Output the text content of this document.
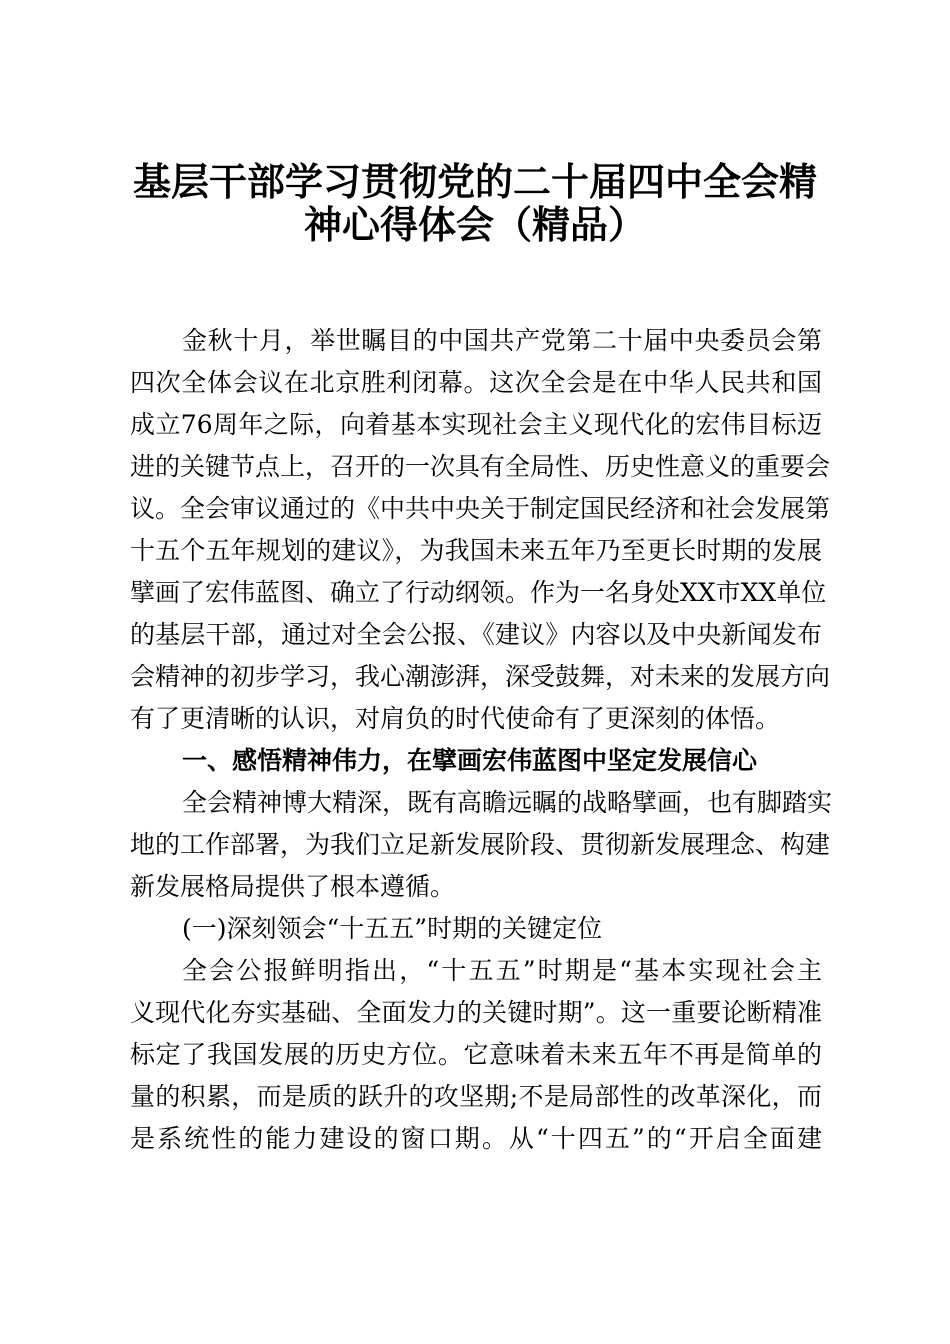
基层干部学习贯彻党的二十届四中全会精
神心得体会（精品）
金秋十月，举世瞩目的中国共产党第二十届中央委员会第
四次全体会议在北京胜利闭幕。这次全会是在中华人民共和国
成立76周年之际，向着基本实现社会主义现代化的宏伟目标迈
进的关键节点上，召开的一次具有全局性、历史性意义的重要会
议。全会审议通过的《中共中央关于制定国民经济和社会发展第
十五个五年规划的建议》，为我国未来五年乃至更长时期的发展
擘画了宏伟蓝图、确立了行动纲领。作为一名身处XX市XX单位
的基层干部，通过对全会公报、《建议》内容以及中央新闻发布
会精神的初步学习，我心潮澎湃，深受鼓舞，对未来的发展方向
有了更清晰的认识，对肩负的时代使命有了更深刻的体悟。
一、感悟精神伟力，在擘画宏伟蓝图中坚定发展信心
全会精神博大精深，既有高瞻远瞩的战略擘画，也有脚踏实
地的工作部署，为我们立足新发展阶段、贯彻新发展理念、构建
新发展格局提供了根本遵循。
(一)深刻领会“十五五”时期的关键定位
全会公报鲜明指出，“十五五”时期是“基本实现社会主
义现代化夯实基础、全面发力的关键时期”。这一重要论断精准
标定了我国发展的历史方位。它意味着未来五年不再是简单的
量的积累，而是质的跃升的攻坚期;不是局部性的改革深化，而
是系统性的能力建设的窗口期。从“十四五”的“开启全面建
